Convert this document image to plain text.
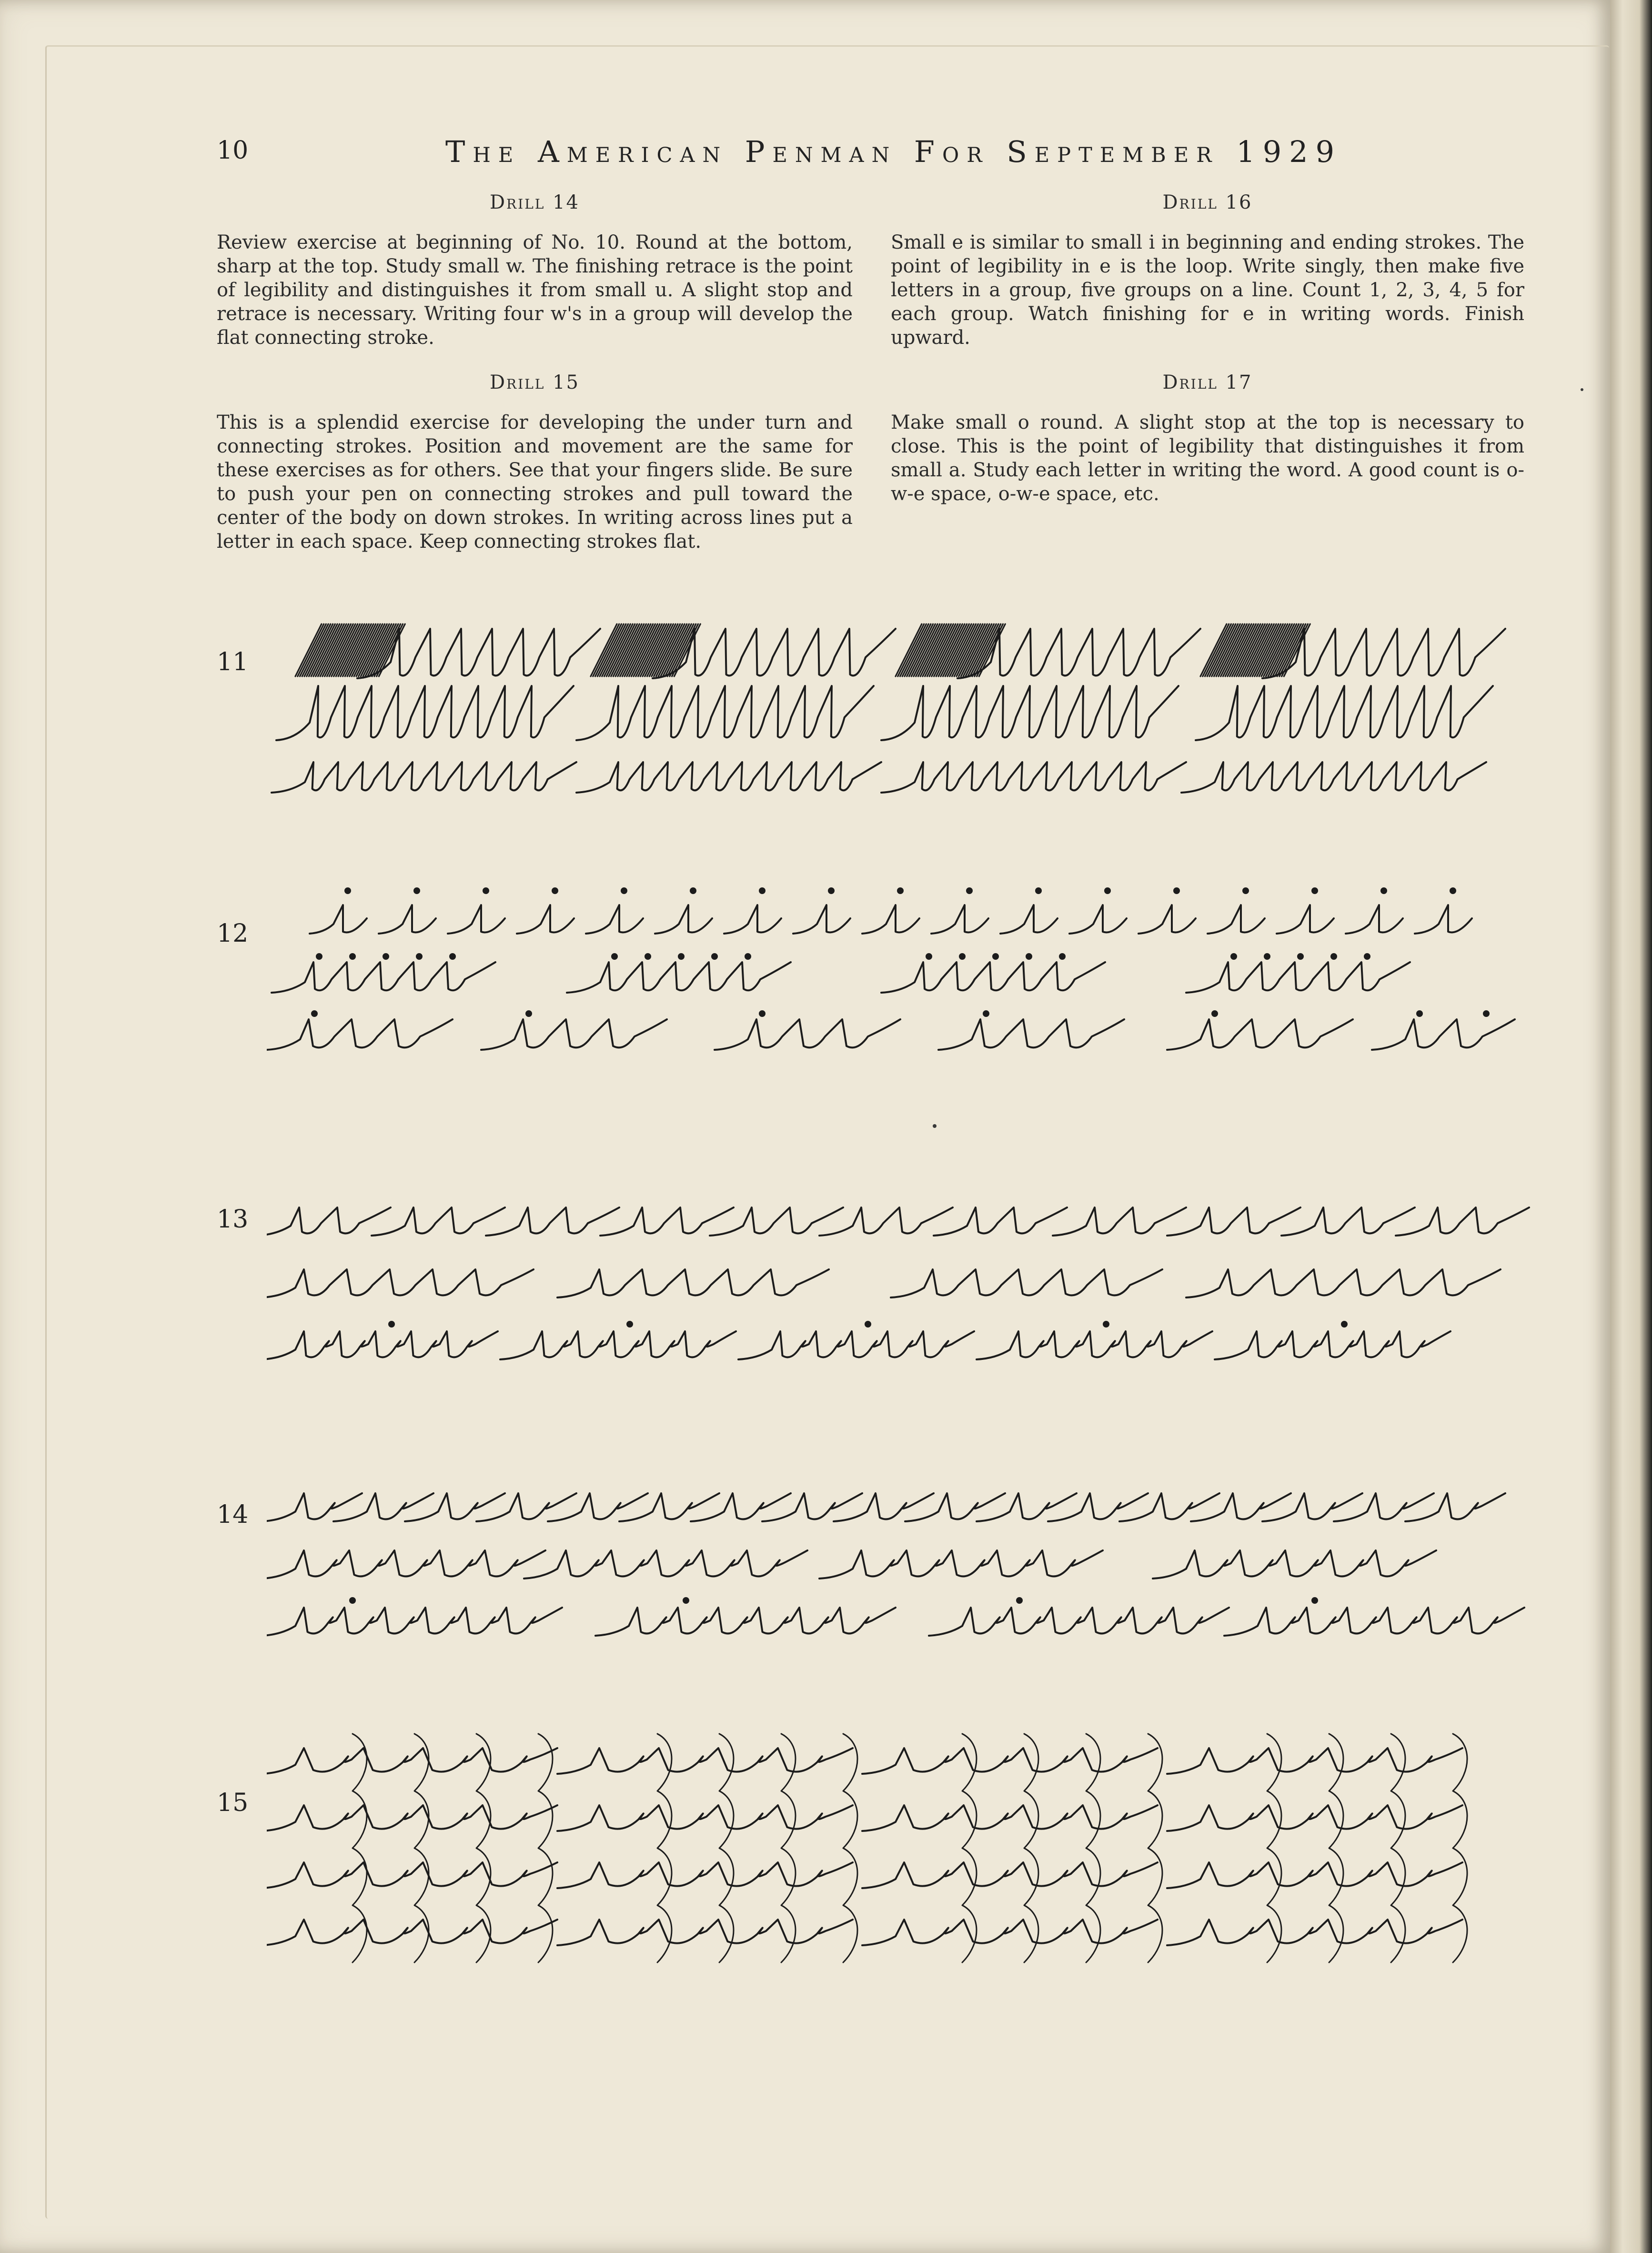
10	The American Penman For September 1929
Drill 14

Review exercise at beginning of No. 10. Round at the bottom, sharp at the top. Study small w. The finishing retrace is the point of legibility and distinguishes it from small u. A slight stop and retrace is necessary. Writing four w's in a group will develop the flat connecting stroke.

Drill 15

This is a splendid exercise for developing the under turn and connecting strokes. Position and movement are the same for these exercises as for others. See that your fingers slide. Be sure to push your pen on connecting strokes and pull toward the center of the body on down strokes. In writing across lines put a letter in each space. Keep connecting strokes flat.

Drill 16

Small e is similar to small i in beginning and ending strokes. The point of legibility in e is the loop. Write singly, then make five letters in a group, five groups on a line. Count 1, 2, 3, 4, 5 for each group. Watch finishing for e in writing words. Finish upward.

Drill 17

Make small o round. A slight stop at the top is necessary to close. This is the point of legibility that distinguishes it from small a. Study each letter in writing the word. A good count is o-w-e space, o-w-e space, etc.

11
12
13
14
15
